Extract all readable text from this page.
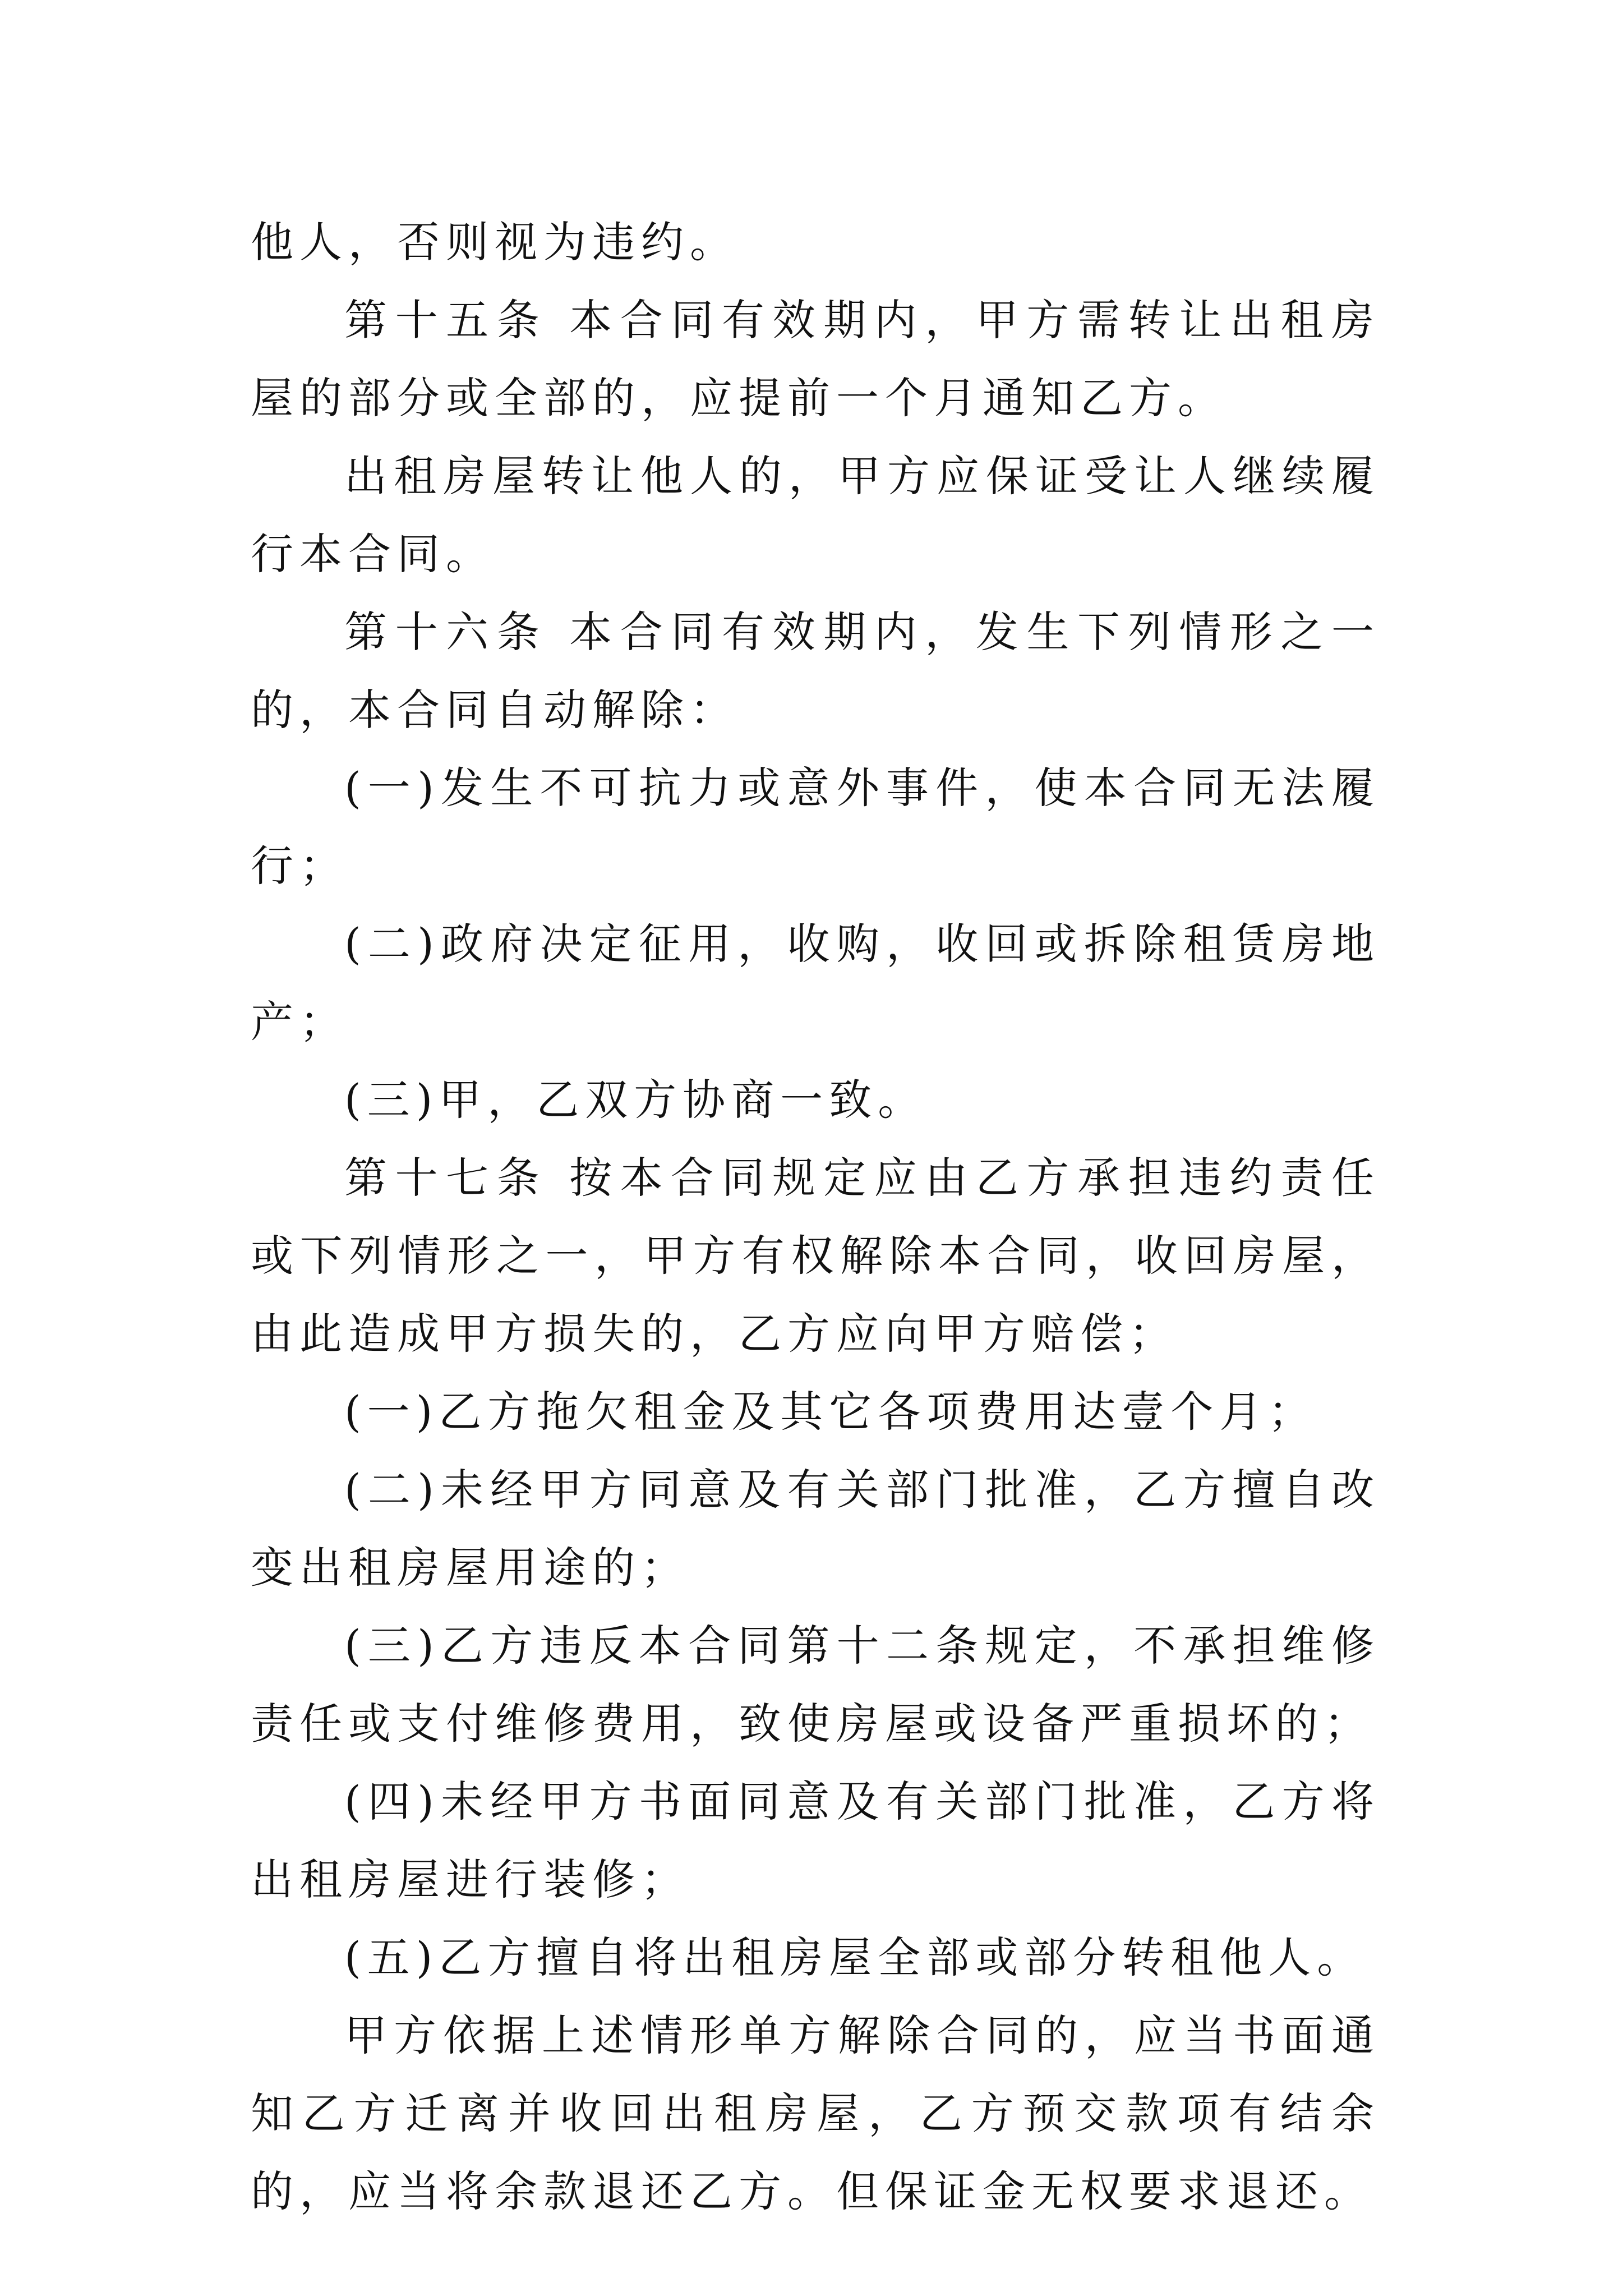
他人，否则视为违约。

第十五条 本合同有效期内，甲方需转让出租房屋的部分或全部的，应提前一个月通知乙方。

出租房屋转让他人的，甲方应保证受让人继续履行本合同。

第十六条 本合同有效期内，发生下列情形之一的，本合同自动解除：

(一)发生不可抗力或意外事件，使本合同无法履行；

(二)政府决定征用，收购，收回或拆除租赁房地产；

(三)甲，乙双方协商一致。

第十七条 按本合同规定应由乙方承担违约责任或下列情形之一，甲方有权解除本合同，收回房屋，由此造成甲方损失的，乙方应向甲方赔偿；

(一)乙方拖欠租金及其它各项费用达壹个月；

(二)未经甲方同意及有关部门批准，乙方擅自改变出租房屋用途的；

(三)乙方违反本合同第十二条规定，不承担维修责任或支付维修费用，致使房屋或设备严重损坏的；

(四)未经甲方书面同意及有关部门批准，乙方将出租房屋进行装修；

(五)乙方擅自将出租房屋全部或部分转租他人。

甲方依据上述情形单方解除合同的，应当书面通知乙方迁离并收回出租房屋，乙方预交款项有结余的，应当将余款退还乙方。但保证金无权要求退还。
